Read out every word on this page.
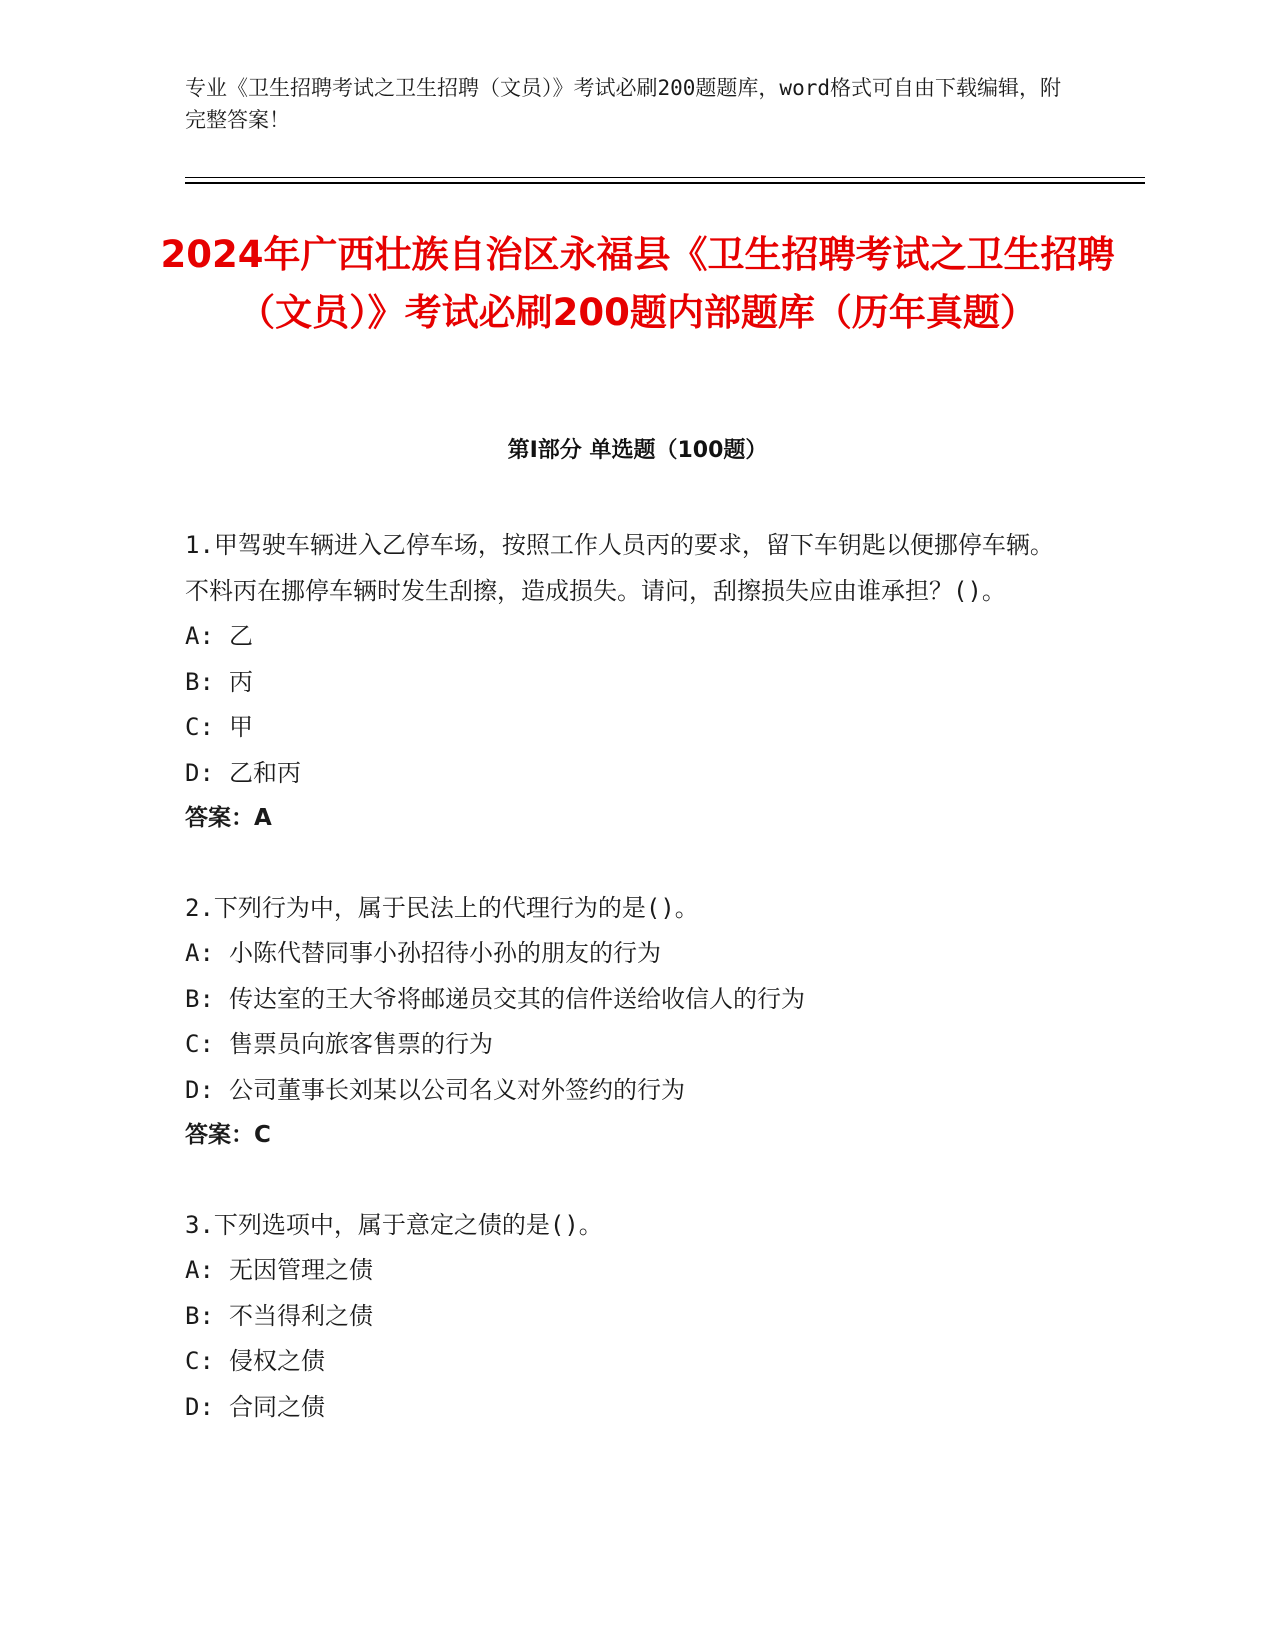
专业《卫生招聘考试之卫生招聘（文员）》考试必刷200题题库，word格式可自由下载编辑，附完整答案！
2024年广西壮族自治区永福县《卫生招聘考试之卫生招聘（文员）》考试必刷200题内部题库（历年真题）
第Ⅰ部分 单选题（100题）

1.甲驾驶车辆进入乙停车场，按照工作人员丙的要求，留下车钥匙以便挪停车辆。不料丙在挪停车辆时发生刮擦，造成损失。请问，刮擦损失应由谁承担？()。

A: 乙

B: 丙

C: 甲

D: 乙和丙

答案：A

2.下列行为中，属于民法上的代理行为的是()。

A: 小陈代替同事小孙招待小孙的朋友的行为

B: 传达室的王大爷将邮递员交其的信件送给收信人的行为

C: 售票员向旅客售票的行为

D: 公司董事长刘某以公司名义对外签约的行为

答案：C

3.下列选项中，属于意定之债的是()。

A: 无因管理之债

B: 不当得利之债

C: 侵权之债

D: 合同之债
